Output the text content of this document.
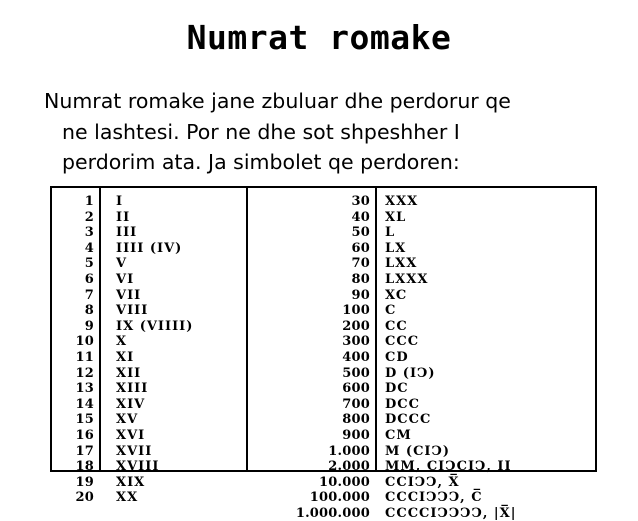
Numrat romake
Numrat romake jane zbuluar dhe perdorur qe
ne lashtesi. Por ne dhe sot shpeshher I
perdorim ata. Ja simbolet qe perdoren:
1
2
3
4
5
6
7
8
9
10
11
12
13
14
15
16
17
18
19
20
I
II
III
IIII (IV)
V
VI
VII
VIII
IX (VIIII)
X
XI
XII
XIII
XIV
XV
XVI
XVII
XVIII
XIX
XX
30
40
50
60
70
80
90
100
200
300
400
500
600
700
800
900
1.000
2.000
10.000
100.000
1.000.000
XXX
XL
L
LX
LXX
LXXX
XC
C
CC
CCC
CD
D (IↃ)
DC
DCC
DCCC
CM
M (CIↃ)
MM, CIↃCIↃ, II
CCIↃↃ, X̅
CCCIↃↃↃ, C̅
CCCCIↃↃↃↃ, |X̅|
